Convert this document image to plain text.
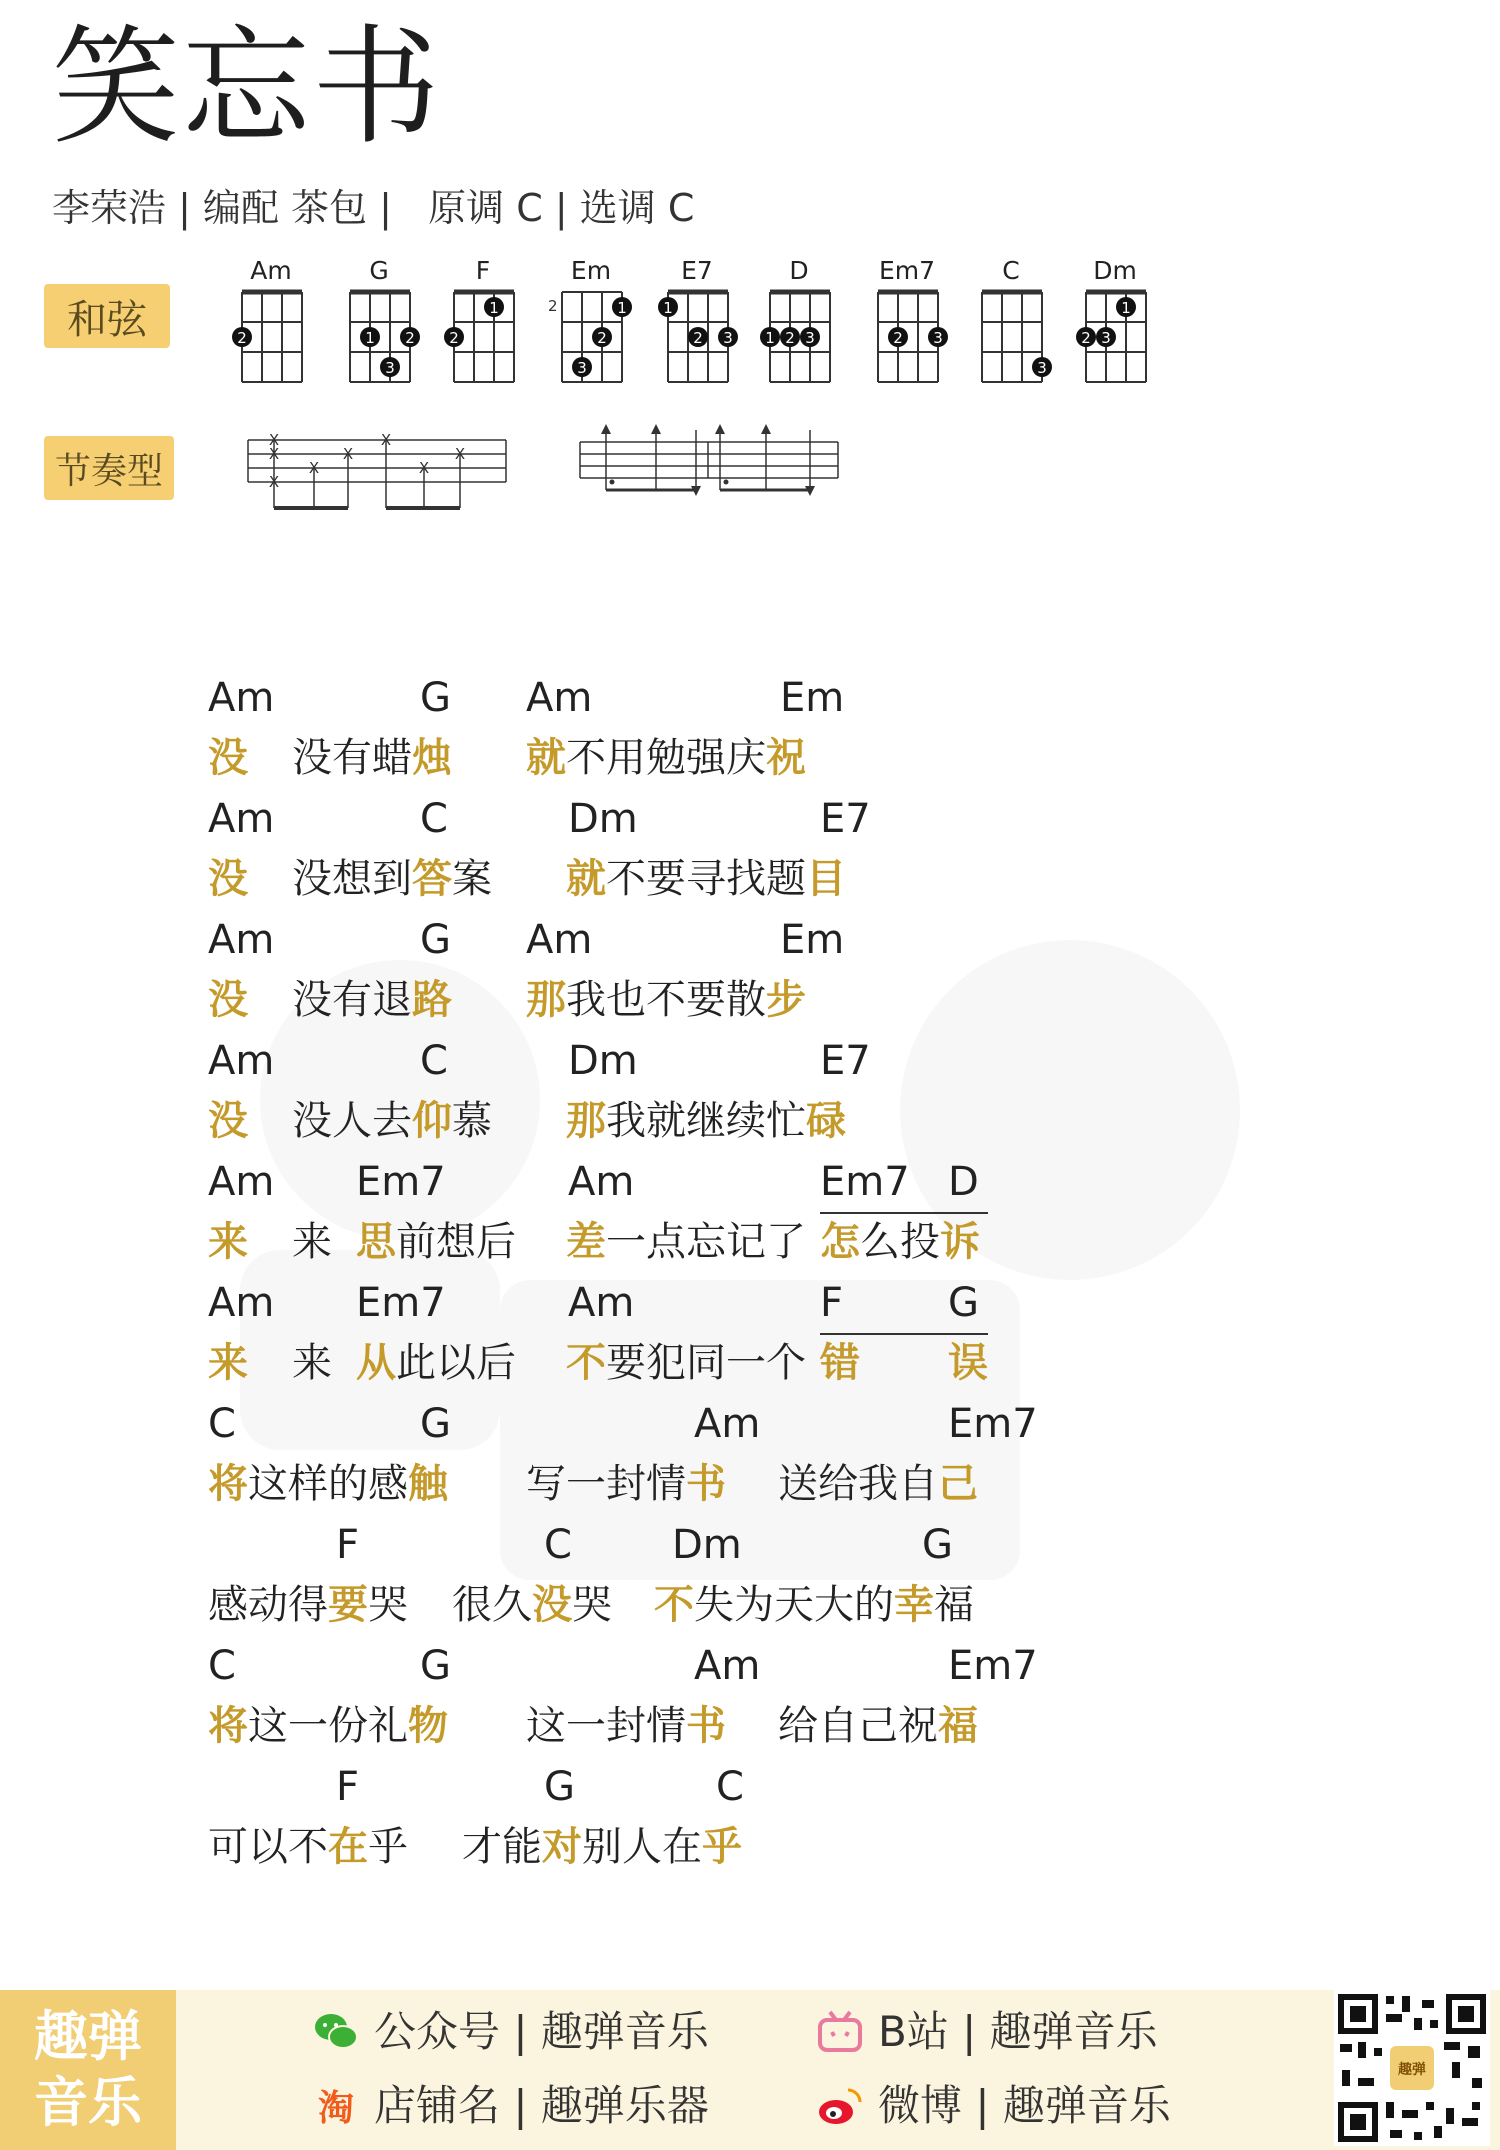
笑忘书
李荣浩 | 编配 茶包 |   原调 C | 选调 C
和弦
节奏型
Am
2
G
1 2
3
F
1
2
Em
2	1
2
3
E7
1
2 3
D
1 2 3
Em7
2 3
C
3
Dm
1
2 3
X
X
X
X
X
X
X
X
Am	G Am	Em
没 没有蜡 烛 就 不用勉强庆 祝
Am	C	Dm	E7
没 没想到 答 案 就 不要寻找题 目
Am	G Am	Em
没 没有退 路 那 我也不要散 步
Am	C	Dm	E7
没 没人去 仰 慕 那 我就继续忙 碌
Am Em7	Am	Em7 D
来 来 思 前想后 差 一点忘记了 怎 么投 诉
Am Em7	Am	F	G
来 来 从 此以后 不 要犯同一个 错 误
C	G	Am	Em7
将 这样的感 触 写一封情 书 送给我自 己
F	C	Dm	G
感动得 要 哭 很久 没 哭 不 失为天大的 幸 福
C	G	Am	Em7
将 这一份礼 物 这一封情 书 给自己祝 福
F	G	C
可以不 在 乎 才能 对 别人在 乎
趣弹
音乐
公众号 | 趣弹音乐
淘 店铺名 | 趣弹乐器
B站 | 趣弹音乐
微博 | 趣弹音乐
趣弹
